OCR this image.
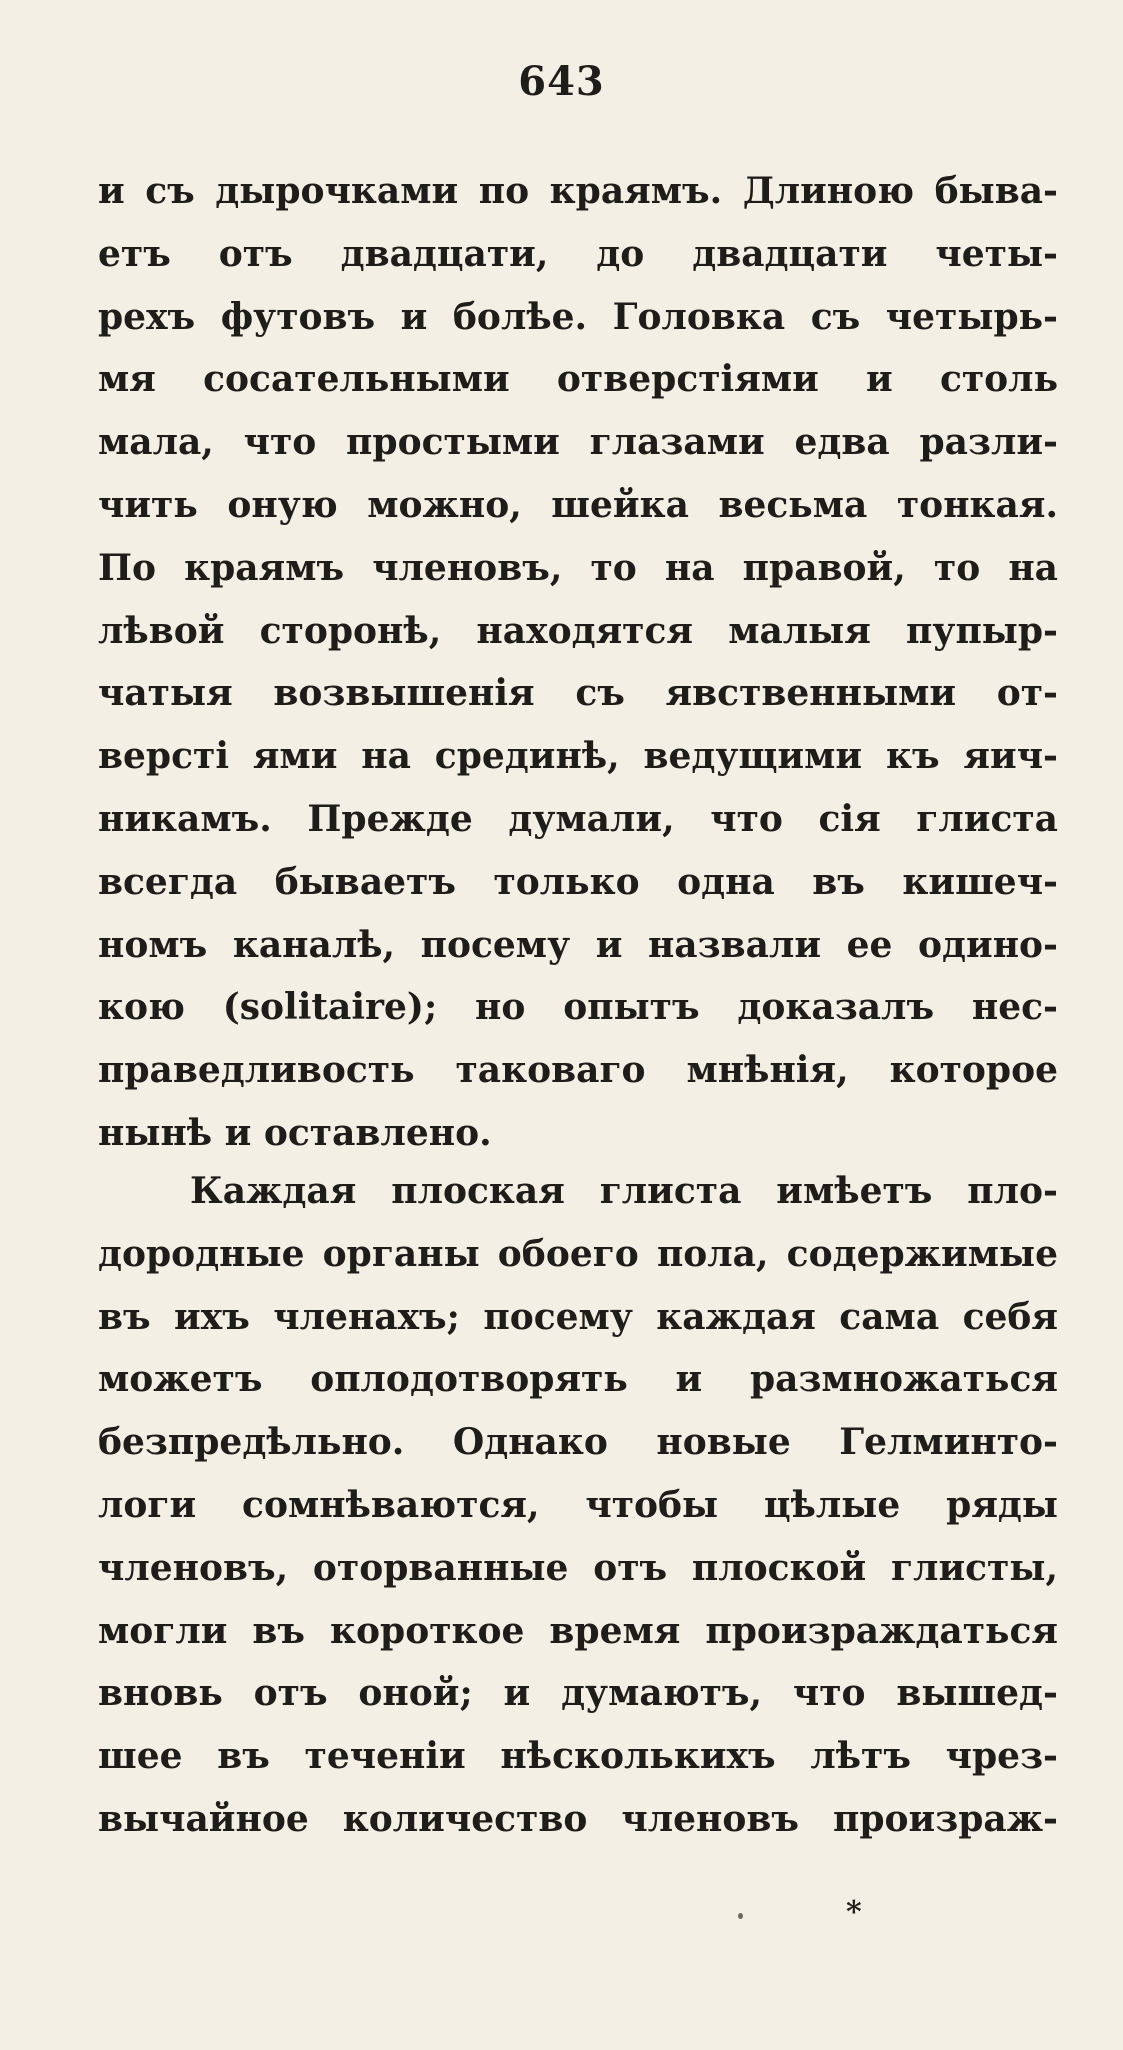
643
и съ дырочками по краямъ. Длиною быва-
етъ отъ двадцати, до двадцати четы-
рехъ футовъ и болѣе. Головка съ четырь-
мя сосательными отверстіями и столь
мала, что простыми глазами едва разли-
чить оную можно, шейка весьма тонкая.
По краямъ членовъ, то на правой, то на
лѣвой сторонѣ, находятся малыя пупыр-
чатыя возвышенія съ явственными от-
версті ями на срединѣ, ведущими къ яич-
никамъ. Прежде думали, что сія глиста
всегда бываетъ только одна въ кишеч-
номъ каналѣ, посему и назвали ее одино-
кою (solitaire); но опытъ доказалъ нес-
праведливость таковаго мнѣнія, которое
нынѣ и оставлено.
Каждая плоская глиста имѣетъ пло-
дородные органы обоего пола, содержимые
въ ихъ членахъ; посему каждая сама себя
можетъ оплодотворять и размножаться
безпредѣльно. Однако новые Гелминто-
логи сомнѣваются, чтобы цѣлые ряды
членовъ, оторванные отъ плоской глисты,
могли въ короткое время произраждаться
вновь отъ оной; и думаютъ, что вышед-
шее въ теченіи нѣсколькихъ лѣтъ чрез-
вычайное количество членовъ произраж-
*
